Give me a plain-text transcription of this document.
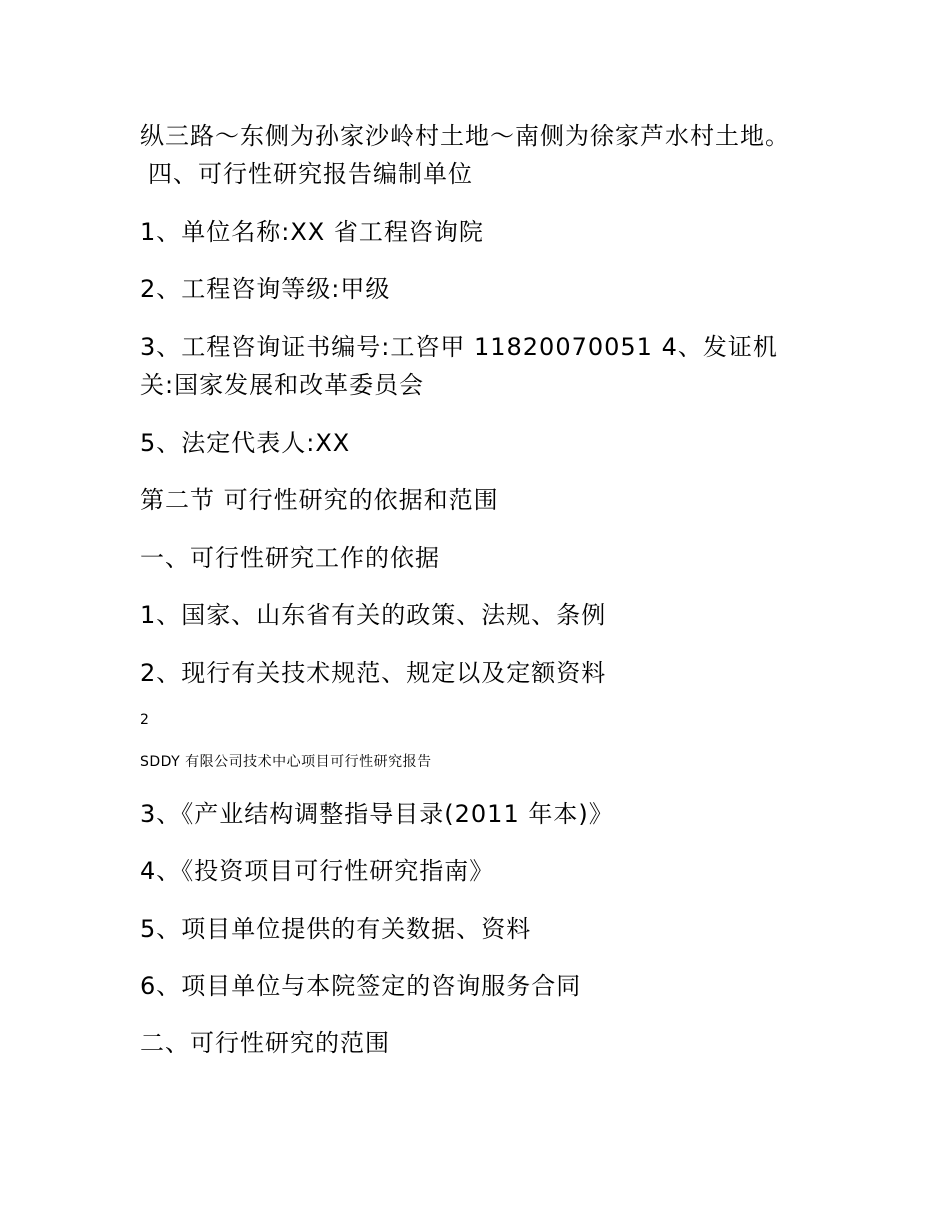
纵三路～东侧为孙家沙岭村土地～南侧为徐家芦水村土地。
四、可行性研究报告编制单位
1、单位名称:XX 省工程咨询院
2、工程咨询等级:甲级
3、工程咨询证书编号:工咨甲 11820070051 4、发证机
关:国家发展和改革委员会
5、法定代表人:XX
第二节 可行性研究的依据和范围
一、可行性研究工作的依据
1、国家、山东省有关的政策、法规、条例
2、现行有关技术规范、规定以及定额资料
2
SDDY 有限公司技术中心项目可行性研究报告
3、《产业结构调整指导目录(2011 年本)》
4、《投资项目可行性研究指南》
5、项目单位提供的有关数据、资料
6、项目单位与本院签定的咨询服务合同
二、可行性研究的范围
